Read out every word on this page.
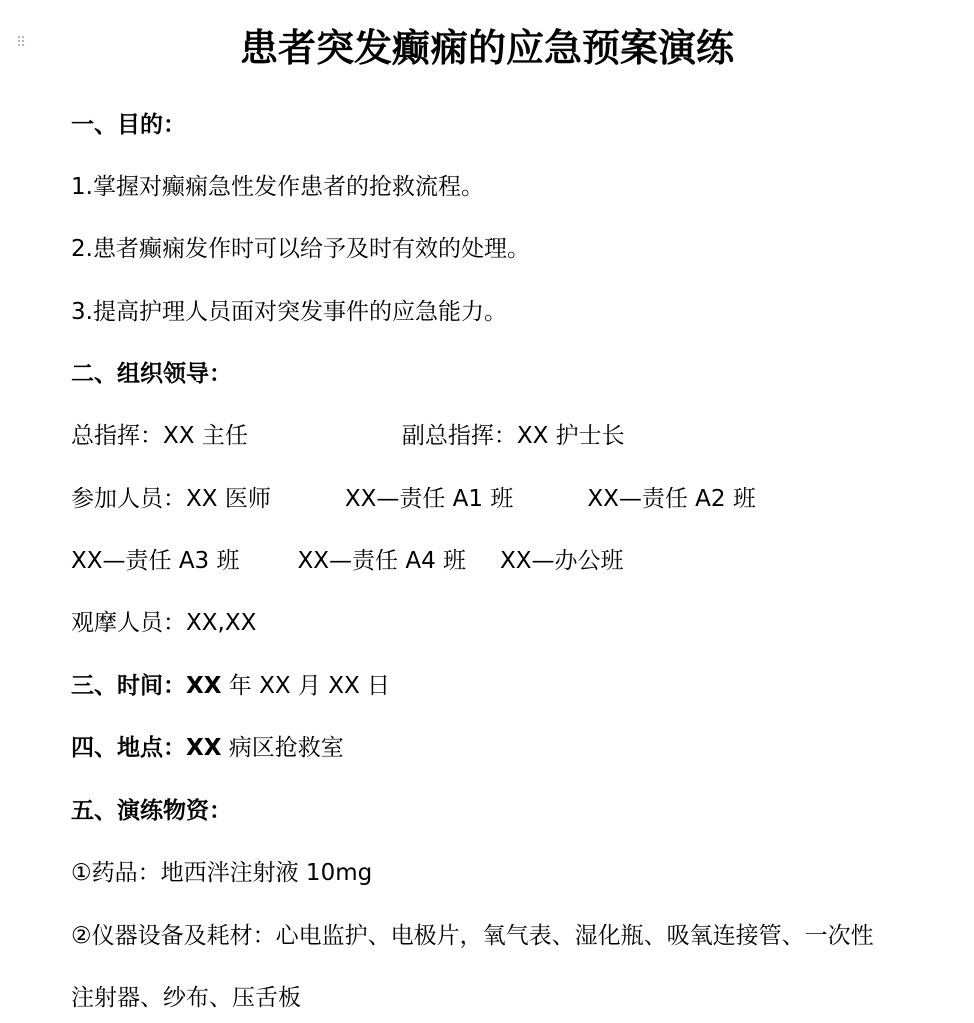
⠿	患者突发癫痫的应急预案演练

一、目的：

1.掌握对癫痫急性发作患者的抢救流程。

2.患者癫痫发作时可以给予及时有效的处理。

3.提高护理人员面对突发事件的应急能力。

二、组织领导：

总指挥：XX 主任	副总指挥：XX 护士长

参加人员：XX 医师	XX—责任 A1 班	XX—责任 A2 班

XX—责任 A3 班	XX—责任 A4 班 XX—办公班

观摩人员：XX,XX

三、时间：XX 年 XX 月 XX 日

四、地点：XX 病区抢救室

五、演练物资：

①药品：地西泮注射液 10mg

②仪器设备及耗材：心电监护、电极片，氧气表、湿化瓶、吸氧连接管、一次性

注射器、纱布、压舌板
